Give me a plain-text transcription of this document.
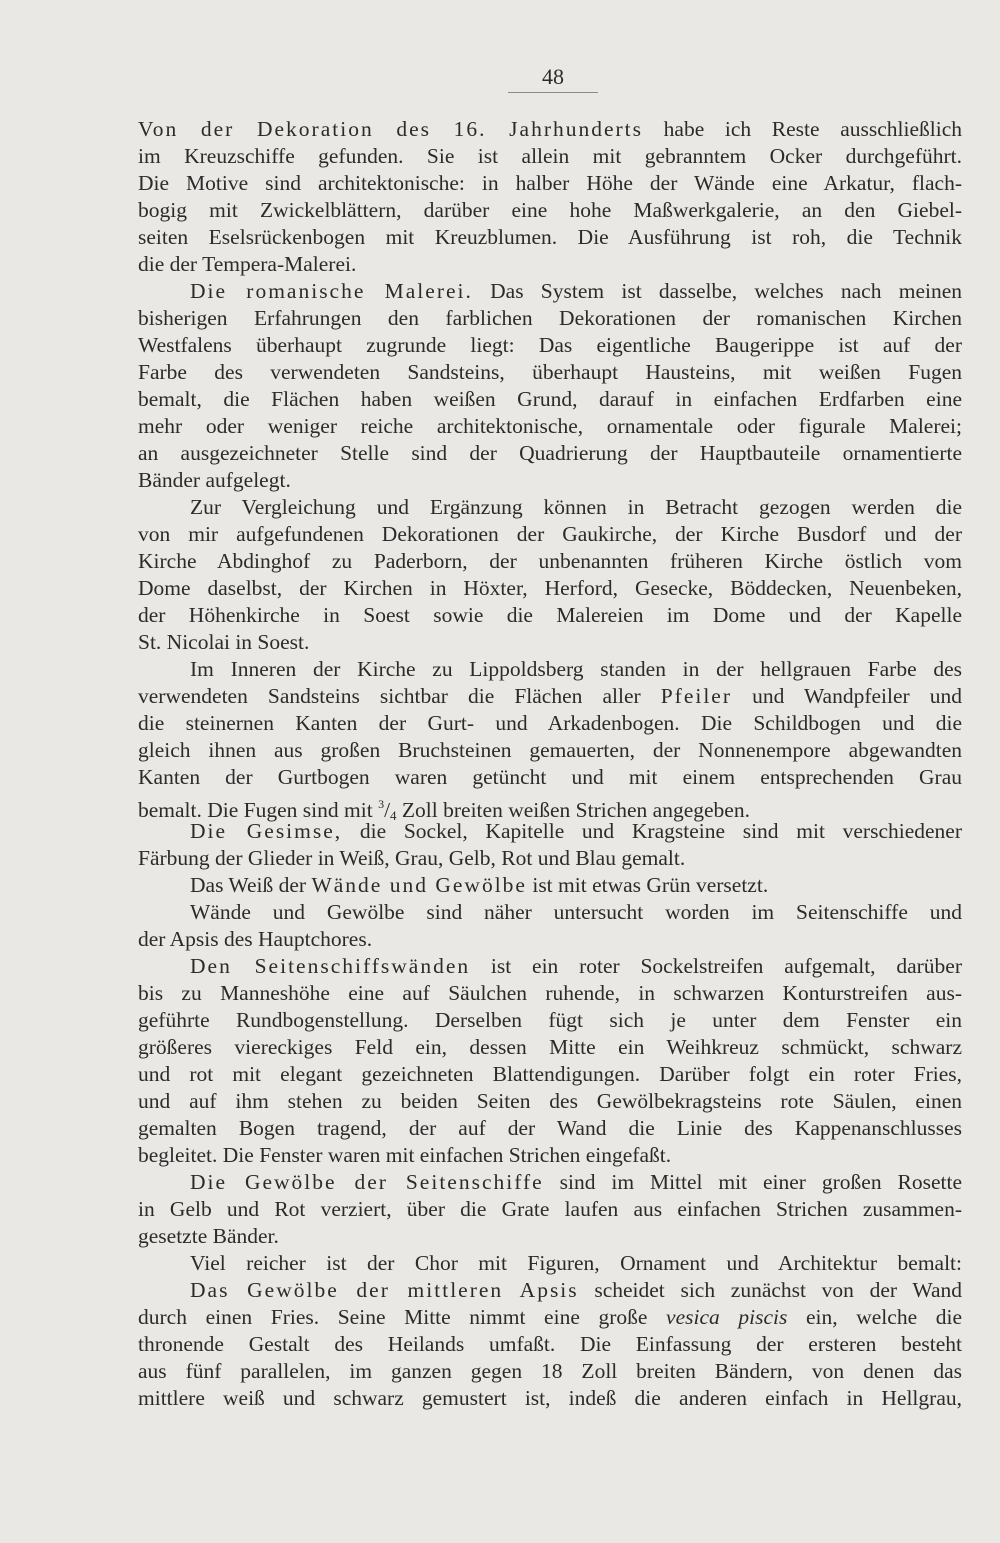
48
Von der Dekoration des 16. Jahrhunderts habe ich Reste ausschließlich
im Kreuzschiffe gefunden. Sie ist allein mit gebranntem Ocker durchgeführt.
Die Motive sind architektonische: in halber Höhe der Wände eine Arkatur, flach-
bogig mit Zwickelblättern, darüber eine hohe Maßwerkgalerie, an den Giebel-
seiten Eselsrückenbogen mit Kreuzblumen. Die Ausführung ist roh, die Technik
die der Tempera-Malerei.
Die romanische Malerei. Das System ist dasselbe, welches nach meinen
bisherigen Erfahrungen den farblichen Dekorationen der romanischen Kirchen
Westfalens überhaupt zugrunde liegt: Das eigentliche Baugerippe ist auf der
Farbe des verwendeten Sandsteins, überhaupt Hausteins, mit weißen Fugen
bemalt, die Flächen haben weißen Grund, darauf in einfachen Erdfarben eine
mehr oder weniger reiche architektonische, ornamentale oder figurale Malerei;
an ausgezeichneter Stelle sind der Quadrierung der Hauptbauteile ornamentierte
Bänder aufgelegt.
Zur Vergleichung und Ergänzung können in Betracht gezogen werden die
von mir aufgefundenen Dekorationen der Gaukirche, der Kirche Busdorf und der
Kirche Abdinghof zu Paderborn, der unbenannten früheren Kirche östlich vom
Dome daselbst, der Kirchen in Höxter, Herford, Gesecke, Böddecken, Neuenbeken,
der Höhenkirche in Soest sowie die Malereien im Dome und der Kapelle
St. Nicolai in Soest.
Im Inneren der Kirche zu Lippoldsberg standen in der hellgrauen Farbe des
verwendeten Sandsteins sichtbar die Flächen aller Pfeiler und Wandpfeiler und
die steinernen Kanten der Gurt- und Arkadenbogen. Die Schildbogen und die
gleich ihnen aus großen Bruchsteinen gemauerten, der Nonnenempore abgewandten
Kanten der Gurtbogen waren getüncht und mit einem entsprechenden Grau
bemalt. Die Fugen sind mit $^3/_4$ Zoll breiten weißen Strichen angegeben.
Die Gesimse, die Sockel, Kapitelle und Kragsteine sind mit verschiedener
Färbung der Glieder in Weiß, Grau, Gelb, Rot und Blau gemalt.
Das Weiß der Wände und Gewölbe ist mit etwas Grün versetzt.
Wände und Gewölbe sind näher untersucht worden im Seitenschiffe und
der Apsis des Hauptchores.
Den Seitenschiffswänden ist ein roter Sockelstreifen aufgemalt, darüber
bis zu Manneshöhe eine auf Säulchen ruhende, in schwarzen Konturstreifen aus-
geführte Rundbogenstellung. Derselben fügt sich je unter dem Fenster ein
größeres viereckiges Feld ein, dessen Mitte ein Weihkreuz schmückt, schwarz
und rot mit elegant gezeichneten Blattendigungen. Darüber folgt ein roter Fries,
und auf ihm stehen zu beiden Seiten des Gewölbekragsteins rote Säulen, einen
gemalten Bogen tragend, der auf der Wand die Linie des Kappenanschlusses
begleitet. Die Fenster waren mit einfachen Strichen eingefaßt.
Die Gewölbe der Seitenschiffe sind im Mittel mit einer großen Rosette
in Gelb und Rot verziert, über die Grate laufen aus einfachen Strichen zusammen-
gesetzte Bänder.
Viel reicher ist der Chor mit Figuren, Ornament und Architektur bemalt:
Das Gewölbe der mittleren Apsis scheidet sich zunächst von der Wand
durch einen Fries. Seine Mitte nimmt eine große vesica piscis ein, welche die
thronende Gestalt des Heilands umfaßt. Die Einfassung der ersteren besteht
aus fünf parallelen, im ganzen gegen 18 Zoll breiten Bändern, von denen das
mittlere weiß und schwarz gemustert ist, indeß die anderen einfach in Hellgrau,
